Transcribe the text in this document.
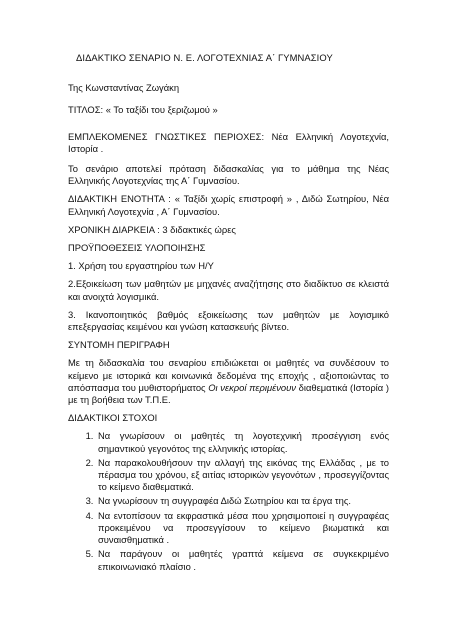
ΔΙΔΑΚΤΙΚΟ ΣΕΝΑΡΙΟ Ν. Ε. ΛΟΓΟΤΕΧΝΙΑΣ Α΄ ΓΥΜΝΑΣΙΟΥ
Της Κωνσταντίνας Ζωγάκη
ΤΙΤΛΟΣ: « Το ταξίδι του ξεριζωμού »

ΕΜΠΛΕΚΟΜΕΝΕΣ ΓΝΩΣΤΙΚΕΣ ΠΕΡΙΟΧΕΣ: Νέα Ελληνική Λογοτεχνία, Ιστορία .

Το σενάριο αποτελεί πρόταση διδασκαλίας για το μάθημα της Νέας Ελληνικής Λογοτεχνίας της Α΄ Γυμνασίου.

ΔΙΔΑΚΤΙΚΗ ΕΝΟΤΗΤΑ : « Ταξίδι χωρίς επιστροφή » , Διδώ Σωτηρίου, Νέα Ελληνική Λογοτεχνία , Α΄ Γυμνασίου.

ΧΡΟΝΙΚΗ ΔΙΑΡΚΕΙΑ : 3 διδακτικές ώρες

ΠΡΟΫΠΟΘΕΣΕΙΣ ΥΛΟΠΟΙΗΣΗΣ

1. Χρήση του εργαστηρίου των Η/Υ

2.Εξοικείωση των μαθητών με μηχανές αναζήτησης στο διαδίκτυο σε κλειστά και ανοιχτά λογισμικά.

3. Ικανοποιητικός βαθμός εξοικείωσης των μαθητών με λογισμικό επεξεργασίας κειμένου και γνώση κατασκευής βίντεο.

ΣΥΝΤΟΜΗ ΠΕΡΙΓΡΑΦΗ

Με τη διδασκαλία του σεναρίου επιδιώκεται οι μαθητές να συνδέσουν το κείμενο με ιστορικά και κοινωνικά δεδομένα της εποχής , αξιοποιώντας το απόσπασμα του μυθιστορήματος Οι νεκροί περιμένουν διαθεματικά (Ιστορία ) με τη βοήθεια των Τ.Π.Ε.

ΔΙΔΑΚΤΙΚΟΙ ΣΤΟΧΟΙ

1. Να γνωρίσουν οι μαθητές τη λογοτεχνική προσέγγιση ενός σημαντικού γεγονότος της ελληνικής ιστορίας.
2. Να παρακολουθήσουν την αλλαγή της εικόνας της Ελλάδας , με το πέρασμα του χρόνου, εξ αιτίας ιστορικών γεγονότων , προσεγγίζοντας το κείμενο διαθεματικά.
3. Να γνωρίσουν τη συγγραφέα Διδώ Σωτηρίου και τα έργα της.
4. Να εντοπίσουν τα εκφραστικά μέσα που χρησιμοποιεί η συγγραφέας προκειμένου να προσεγγίσουν το κείμενο βιωματικά και συναισθηματικά .
5. Να παράγουν οι μαθητές γραπτά κείμενα σε συγκεκριμένο επικοινωνιακό πλαίσιο .
